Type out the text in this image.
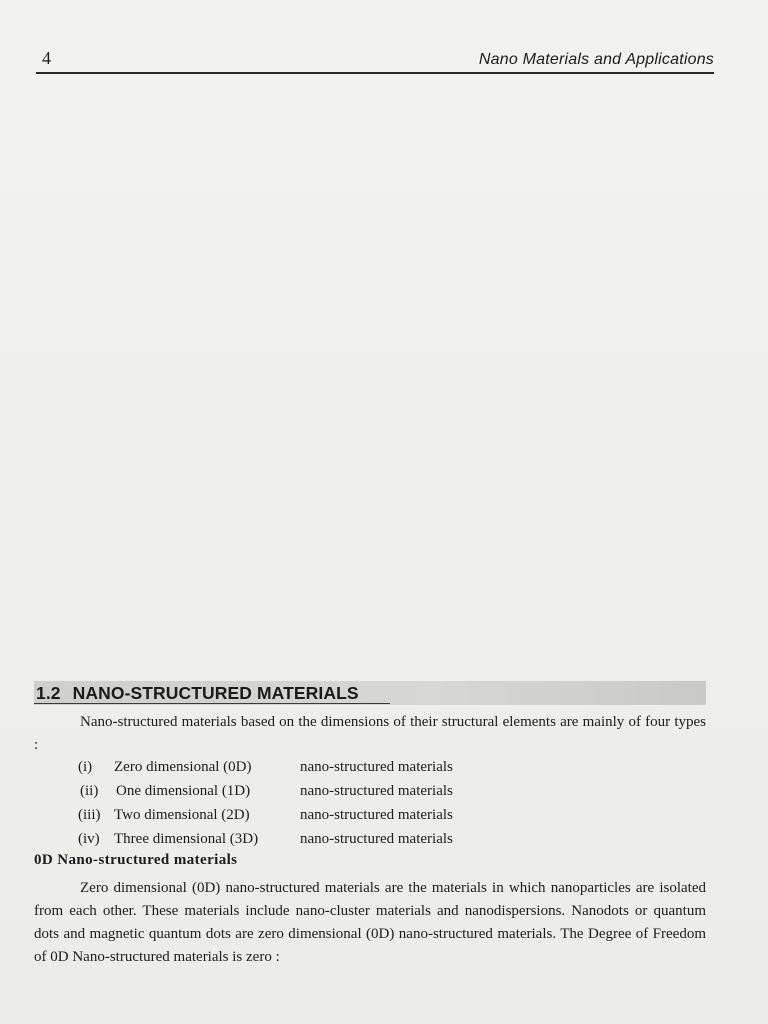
4	Nano Materials and Applications
1.2 NANO-STRUCTURED MATERIALS
Nano-structured materials based on the dimensions of their structural elements are mainly of four types :
(i) Zero dimensional (0D)	nano-structured materials
(ii) One dimensional (1D)	nano-structured materials
(iii) Two dimensional (2D)	nano-structured materials
(iv) Three dimensional (3D)	nano-structured materials
0D Nano-structured materials
Zero dimensional (0D) nano-structured materials are the materials in which nanoparticles are isolated from each other. These materials include nano-cluster materials and nanodispersions. Nanodots or quantum dots and magnetic quantum dots are zero dimensional (0D) nano-structured materials. The Degree of Freedom of 0D Nano-structured materials is zero :
